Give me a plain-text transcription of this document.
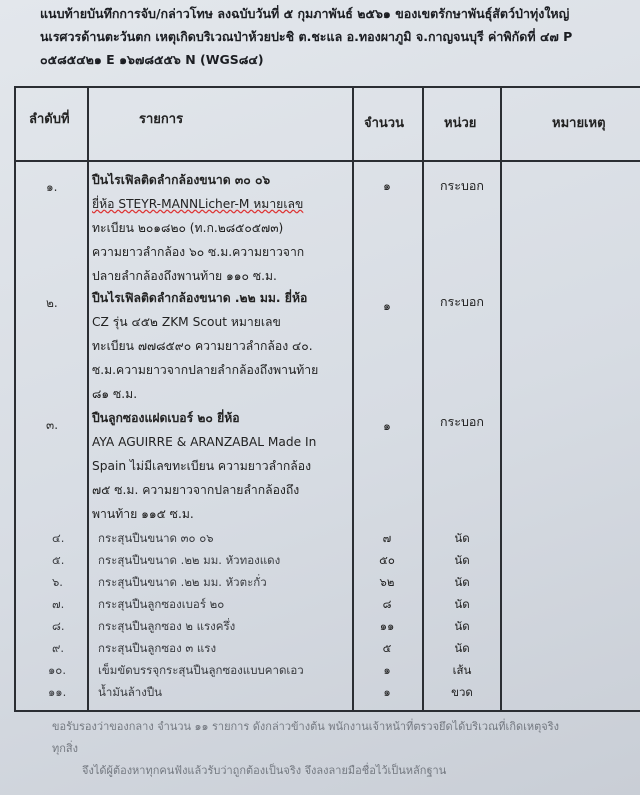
แนบท้ายบันทึกการจับ/กล่าวโทษ ลงฉบับวันที่ ๕ กุมภาพันธ์ ๒๕๖๑ ของเขตรักษาพันธุ์สัตว์ป่าทุ่งใหญ่
นเรศวรด้านตะวันตก เหตุเกิดบริเวณป่าห้วยปะชิ ต.ชะแล อ.ทองผาภูมิ จ.กาญจนบุรี ค่าพิกัดที่ ๔๗ P
๐๕๘๕๔๒๑ E ๑๖๗๘๕๕๖ N (WGS๘๔)
ลำดับที่	รายการ	จำนวน	หน่วย	หมายเหตุ
๑.	ปืนไรเฟิลติดลำกล้องขนาด ๓๐ ๐๖
ยี่ห้อ STEYR-MANNLicher-M หมายเลข
ทะเบียน ๒๐๑๘๒๐ (ท.ก.๒๘๕๐๕๗๓)
ความยาวลำกล้อง ๖๐ ซ.ม.ความยาวจาก
ปลายลำกล้องถึงพานท้าย ๑๑๐ ซ.ม.
๑	กระบอก
๒.	ปืนไรเฟิลติดลำกล้องขนาด .๒๒ มม. ยี่ห้อ
CZ รุ่น ๔๕๒ ZKM Scout หมายเลข
ทะเบียน ๗๗๘๕๙๐ ความยาวลำกล้อง ๔๐.
ซ.ม.ความยาวจากปลายลำกล้องถึงพานท้าย
๘๑ ซ.ม.
๑	กระบอก
๓.	ปืนลูกซองแฝดเบอร์ ๒๐ ยี่ห้อ
AYA AGUIRRE & ARANZABAL Made In
Spain ไม่มีเลขทะเบียน ความยาวลำกล้อง
๗๕ ซ.ม. ความยาวจากปลายลำกล้องถึง
พานท้าย ๑๑๕ ซ.ม.
๑	กระบอก
๔.	กระสุนปืนขนาด ๓๐ ๐๖	๗	นัด
๕.	กระสุนปืนขนาด .๒๒ มม. หัวทองแดง	๕๐	นัด
๖.	กระสุนปืนขนาด .๒๒ มม. หัวตะกั่ว	๖๒	นัด
๗.	กระสุนปืนลูกซองเบอร์ ๒๐	๘	นัด
๘.	กระสุนปืนลูกซอง ๒ แรงครึ่ง	๑๑	นัด
๙.	กระสุนปืนลูกซอง ๓ แรง	๕	นัด
๑๐.	เข็มขัดบรรจุกระสุนปืนลูกซองแบบคาดเอว	๑	เส้น
๑๑.	น้ำมันล้างปืน	๑	ขวด
ขอรับรองว่าของกลาง จำนวน ๑๑ รายการ ดังกล่าวข้างต้น พนักงานเจ้าหน้าที่ตรวจยึดได้บริเวณที่เกิดเหตุจริง
ทุกสิ่ง
จึงได้ผู้ต้องหาทุกคนฟังแล้วรับว่าถูกต้องเป็นจริง จึงลงลายมือชื่อไว้เป็นหลักฐาน
